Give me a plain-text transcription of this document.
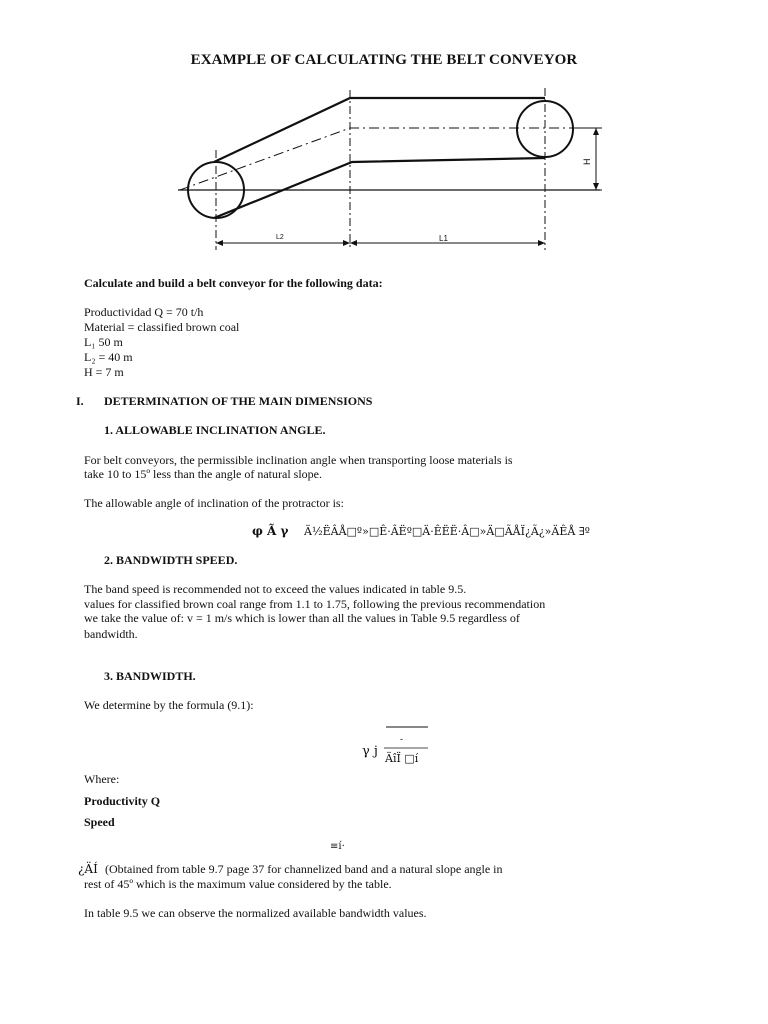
EXAMPLE OF CALCULATING THE BELT CONVEYOR
L2	L1
H
Calculate and build a belt conveyor for the following data:
Productividad Q = 70 t/h
Material = classified brown coal
L₁ 50 m
L₂ = 40 m
H = 7 m
I. DETERMINATION OF THE MAIN DIMENSIONS
1. ALLOWABLE INCLINATION ANGLE.
For belt conveyors, the permissible inclination angle when transporting loose materials is
take 10 to 15º less than the angle of natural slope.
The allowable angle of inclination of the protractor is:
φ Ã γ Ä½ËÂÅ□º»□Ê·ÂËº□Ä·ÊËË·Â□»Ä□ÃÅÏ¿Ã¿»ÄÊÅ ∃º
2. BANDWIDTH SPEED.
The band speed is recommended not to exceed the values indicated in table 9.5.
values for classified brown coal range from 1.1 to 1.75, following the previous recommendation
we take the value of: v = 1 m/s which is lower than all the values in Table 9.5 regardless of
bandwidth.
3. BANDWIDTH.
We determine by the formula (9.1):
γ j
-
Äî⁡Ï □í
Where:
Productivity Q
Speed
≡í·
¿ÄÍ (Obtained from table 9.7 page 37 for channelized band and a natural slope angle in
rest of 45º which is the maximum value considered by the table.
In table 9.5 we can observe the normalized available bandwidth values.
